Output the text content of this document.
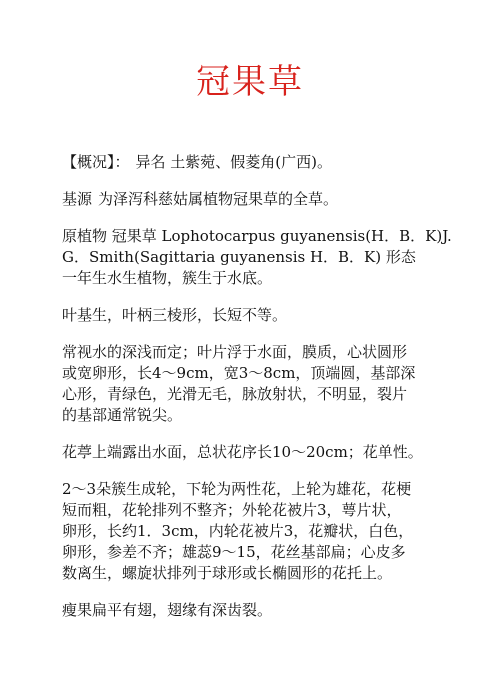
冠果草

【概况】： 异名 土紫菀、假菱角(广西)。

基源 为泽泻科慈姑属植物冠果草的全草。

原植物 冠果草 Lophotocarpus guyanensis(H．B．K)J.
G．Smith(Sagittaria guyanensis H．B．K) 形态
一年生水生植物，簇生于水底。

叶基生，叶柄三棱形，长短不等。

常视水的深浅而定；叶片浮于水面，膜质，心状圆形
或宽卵形，长4～9cm，宽3～8cm，顶端圆，基部深
心形，青绿色，光滑无毛，脉放射状，不明显，裂片
的基部通常锐尖。

花葶上端露出水面，总状花序长10～20cm；花单性。

2～3朵簇生成轮，下轮为两性花，上轮为雄花，花梗
短而粗，花轮排列不整齐；外轮花被片3，萼片状，
卵形，长约1．3cm，内轮花被片3，花瓣状，白色，
卵形，参差不齐；雄蕊9～15，花丝基部扁；心皮多
数离生，螺旋状排列于球形或长椭圆形的花托上。

瘦果扁平有翅，翅缘有深齿裂。
